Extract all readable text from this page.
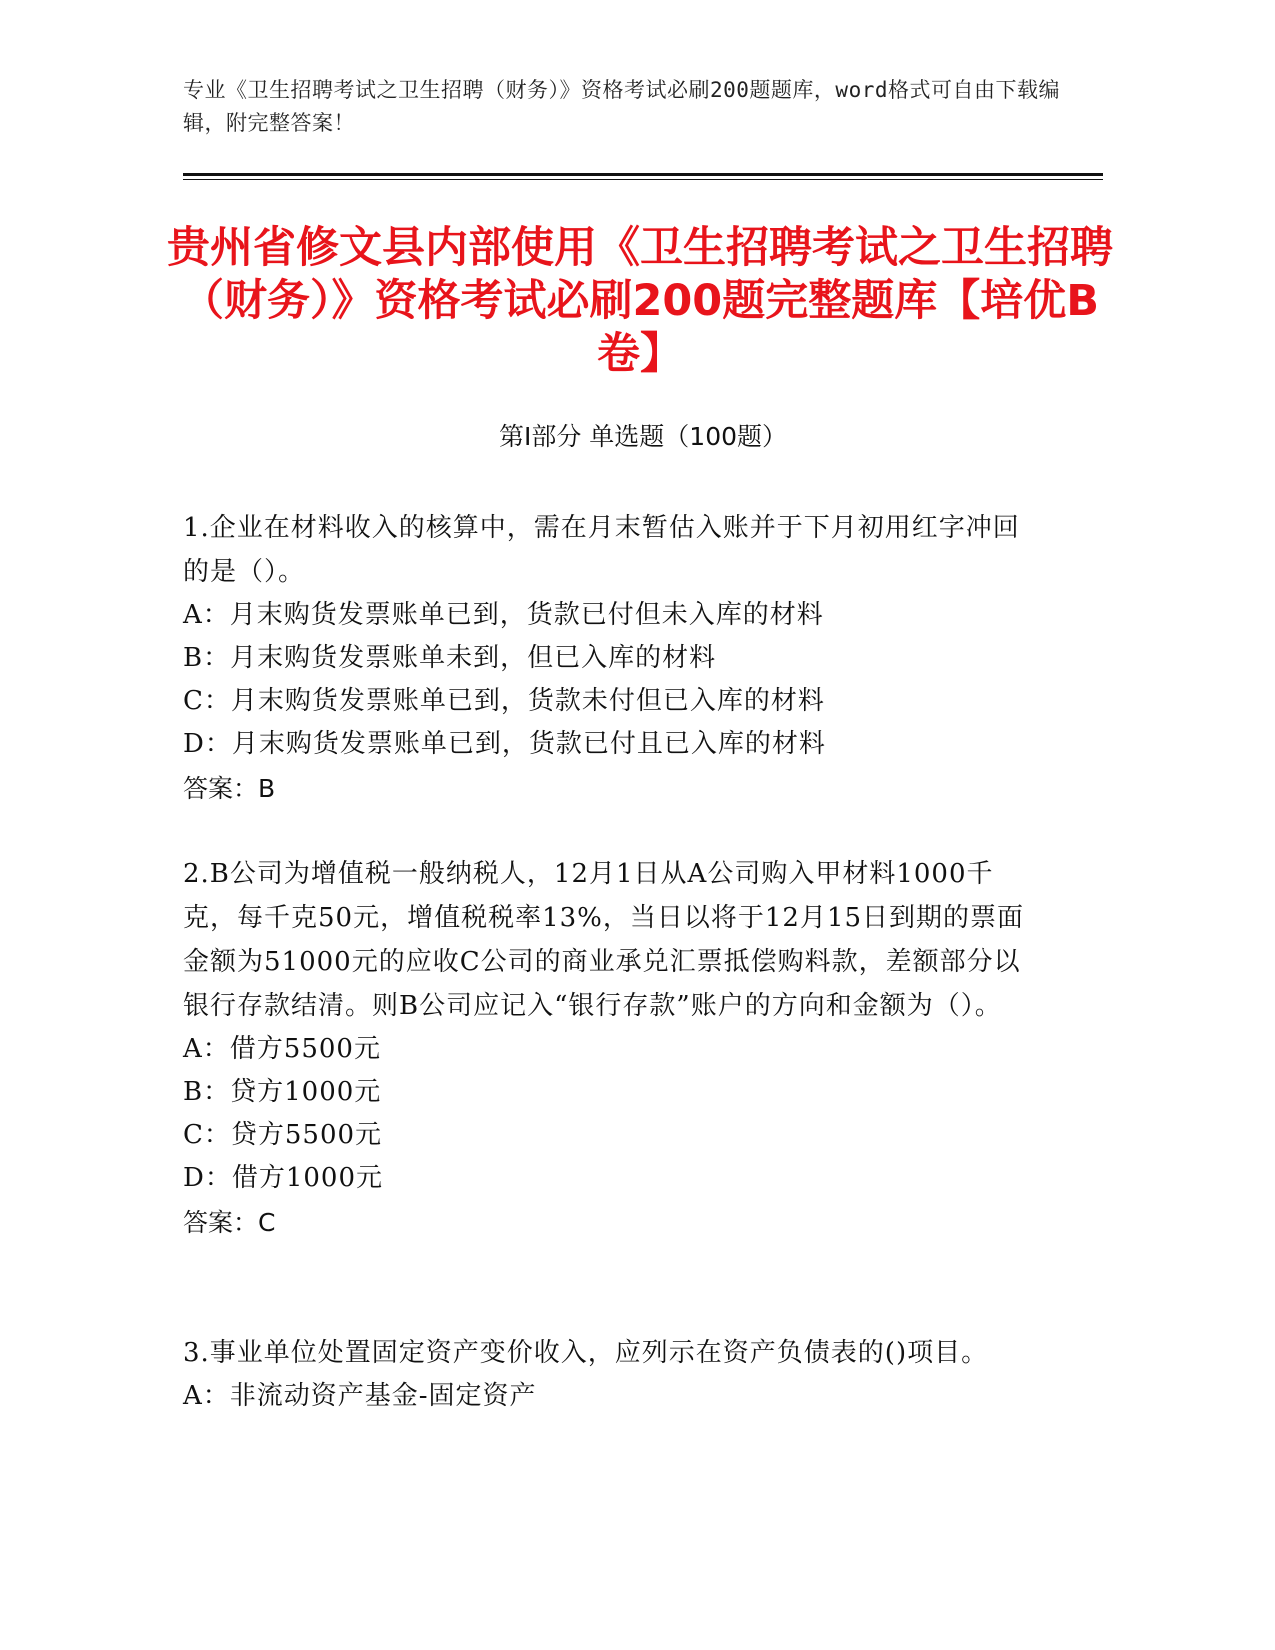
专业《卫生招聘考试之卫生招聘（财务）》资格考试必刷200题题库，word格式可自由下载编辑，附完整答案！
贵州省修文县内部使用《卫生招聘考试之卫生招聘（财务）》资格考试必刷200题完整题库【培优B卷】
第I部分 单选题（100题）
1.企业在材料收入的核算中，需在月末暂估入账并于下月初用红字冲回的是（）。
A：月末购货发票账单已到，货款已付但未入库的材料
B：月末购货发票账单未到，但已入库的材料
C：月末购货发票账单已到，货款未付但已入库的材料
D：月末购货发票账单已到，货款已付且已入库的材料
答案：B
2.B公司为增值税一般纳税人，12月1日从A公司购入甲材料1000千克，每千克50元，增值税税率13%，当日以将于12月15日到期的票面金额为51000元的应收C公司的商业承兑汇票抵偿购料款，差额部分以银行存款结清。则B公司应记入“银行存款”账户的方向和金额为（）。
A：借方5500元
B：贷方1000元
C：贷方5500元
D：借方1000元
答案：C
3.事业单位处置固定资产变价收入，应列示在资产负债表的()项目。
A：非流动资产基金-固定资产
